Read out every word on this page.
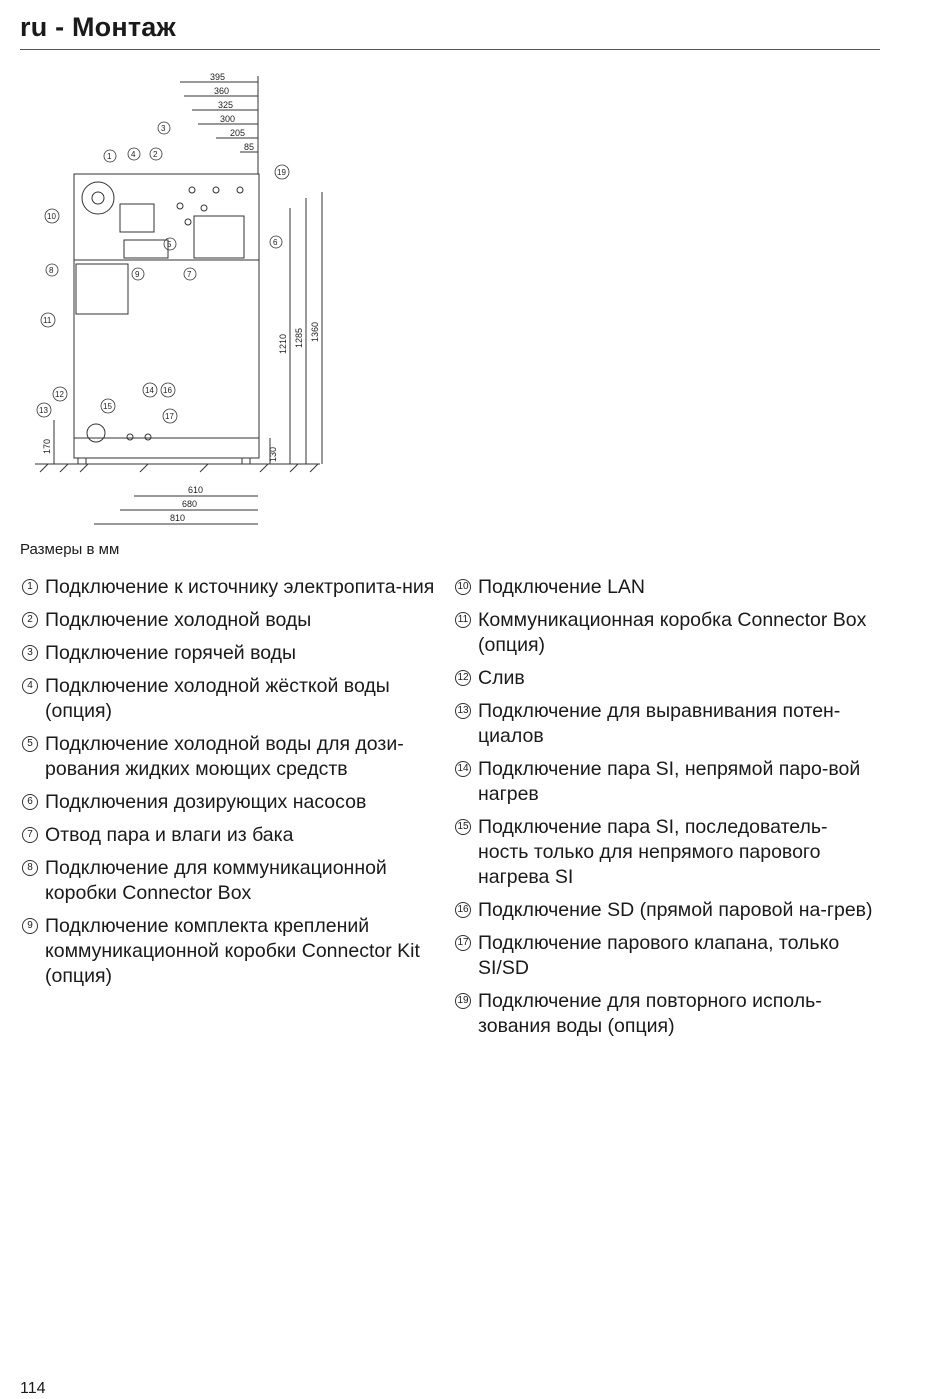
ru - Монтаж
395
360
325
300
205
85
1210 1285 1360
130
610
680
810
170
1	2
3
4
5	6
7
8	9
10
11
12
13
14
15
16
17
19
Размеры в мм
1 Подключение к источнику электропита-ния
2 Подключение холодной воды
3 Подключение горячей воды
4 Подключение холодной жёсткой воды (опция)
5 Подключение холодной воды для дози-рования жидких моющих средств
6 Подключения дозирующих насосов
7 Отвод пара и влаги из бака
8 Подключение для коммуникационной коробки Connector Box
9 Подключение комплекта креплений коммуникационной коробки Connector Kit (опция)
10 Подключение LAN
11 Коммуникационная коробка Connector Box (опция)
12 Слив
13 Подключение для выравнивания потен-циалов
14 Подключение пара SI, непрямой паро-вой нагрев
15 Подключение пара SI, последователь-ность только для непрямого парового нагрева SI
16 Подключение SD (прямой паровой на-грев)
17 Подключение парового клапана, только SI/SD
19 Подключение для повторного исполь-зования воды (опция)
114
